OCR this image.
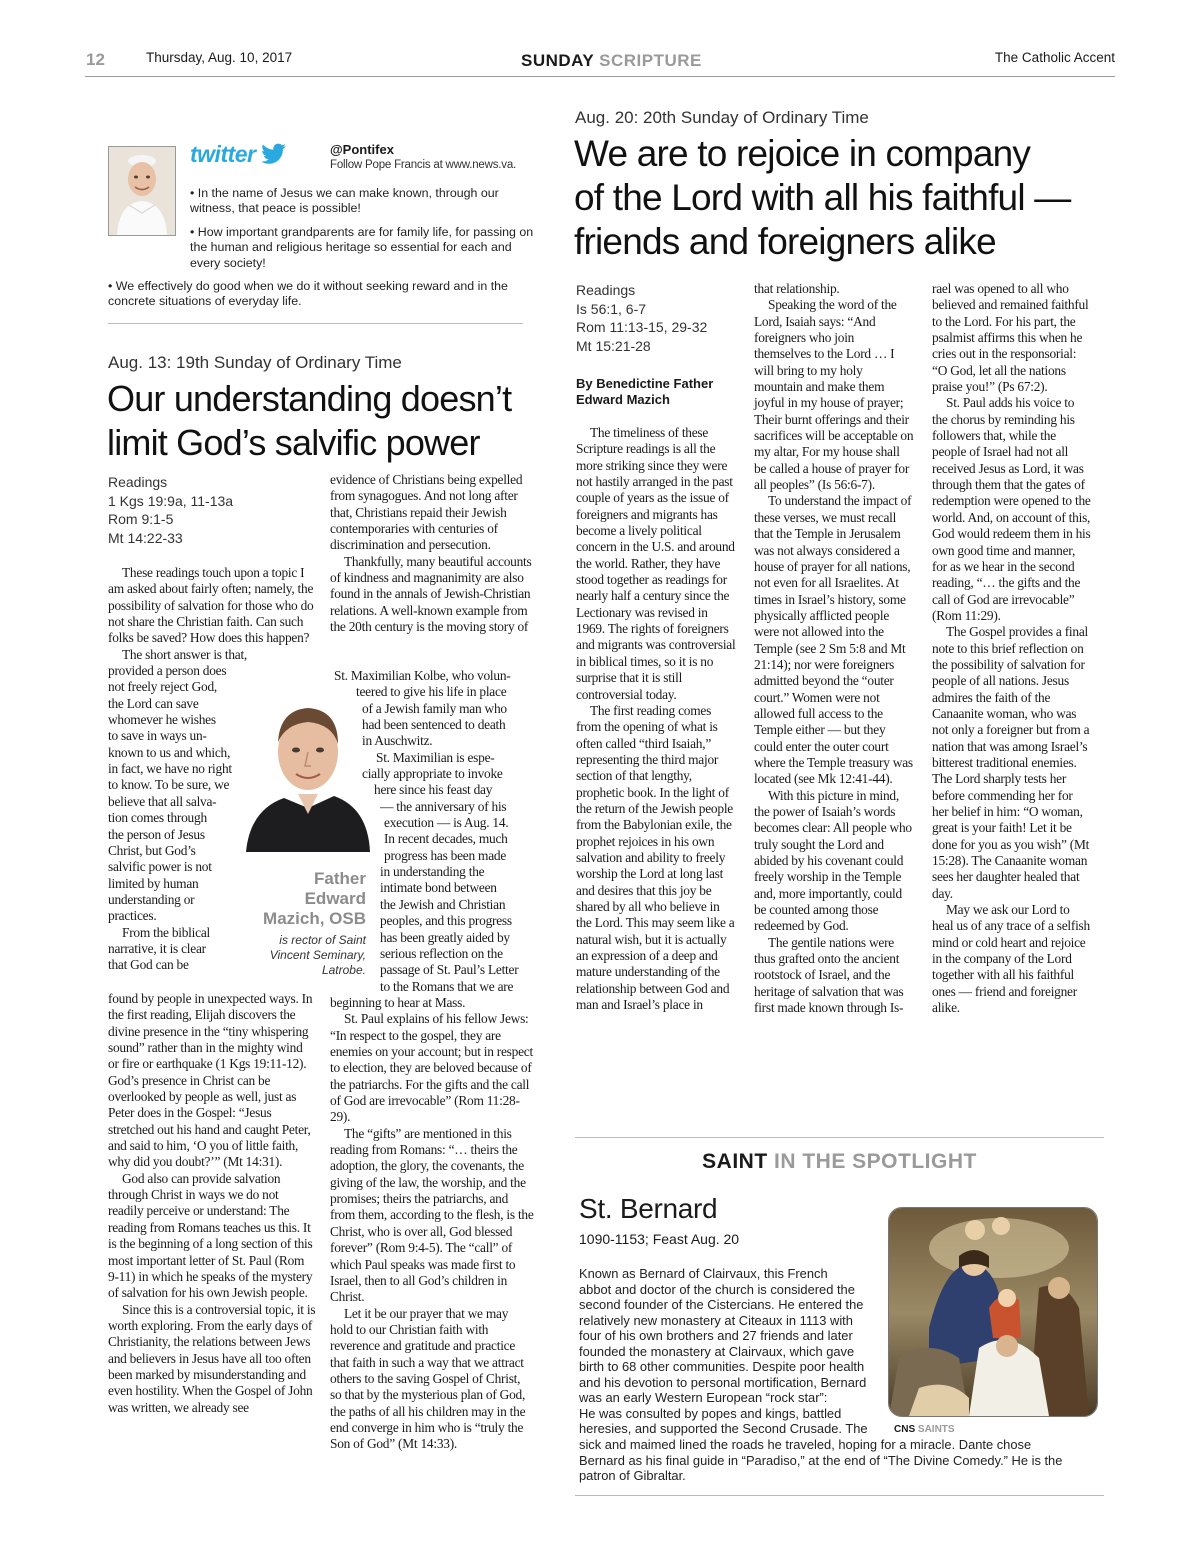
12	Thursday, Aug. 10, 2017	SUNDAY SCRIPTURE	The Catholic Accent
twitter	@Pontifex
Follow Pope Francis at www.news.va.
• In the name of Jesus we can make known, through our witness, that peace is possible!
• How important grandparents are for family life, for passing on the human and religious heritage so essential for each and every society!
• We effectively do good when we do it without seeking reward and in the concrete situations of everyday life.
Aug. 13: 19th Sunday of Ordinary Time
Our understanding doesn’t
limit God’s salvific power
Readings
1 Kgs 19:9a, 11-13a
Rom 9:1-5
Mt 14:22-33

These readings touch upon a topic I am asked about fairly often; namely, the possibility of salvation for those who do not share the Christian faith. Can such folks be saved? How does this happen?

The short answer is that,

provided a person does

not freely reject God,

the Lord can save

whomever he wishes

to save in ways un-

known to us and which,

in fact, we have no right

to know. To be sure, we

believe that all salva-

tion comes through

the person of Jesus

Christ, but God’s

salvific power is not

limited by human

understanding or

practices.

From the biblical

narrative, it is clear

that God can be

found by people in unexpected ways. In the first reading, Elijah discovers the divine presence in the “tiny whispering sound” rather than in the mighty wind or fire or earthquake (1 Kgs 19:11-12). God’s presence in Christ can be overlooked by people as well, just as Peter does in the Gospel: “Jesus stretched out his hand and caught Peter, and said to him, ‘O you of little faith, why did you doubt?’” (Mt 14:31).

God also can provide salvation through Christ in ways we do not readily perceive or understand: The reading from Romans teaches us this. It is the beginning of a long section of this most important letter of St. Paul (Rom 9-11) in which he speaks of the mystery of salvation for his own Jewish people.

Since this is a controversial topic, it is worth exploring. From the early days of Christianity, the relations between Jews and believers in Jesus have all too often been marked by misunderstanding and even hostility. When the Gospel of John was written, we already see

Father
Edward
Mazich, OSB
is rector of Saint
Vincent Seminary,
Latrobe.

evidence of Christians being expelled from synagogues. And not long after that, Christians repaid their Jewish contemporaries with centuries of discrimination and persecution.

Thankfully, many beautiful accounts of kindness and magnanimity are also found in the annals of Jewish-Christian relations. A well-known example from the 20th century is the moving story of

St. Maximilian Kolbe, who volun-

teered to give his life in place

of a Jewish family man who

had been sentenced to death

in Auschwitz.

St. Maximilian is espe-

cially appropriate to invoke

here since his feast day

— the anniversary of his

execution — is Aug. 14.

In recent decades, much

progress has been made

in understanding the

intimate bond between

the Jewish and Christian

peoples, and this progress

has been greatly aided by

serious reflection on the

passage of St. Paul’s Letter

to the Romans that we are

beginning to hear at Mass.

St. Paul explains of his fellow Jews: “In respect to the gospel, they are enemies on your account; but in respect to election, they are beloved because of the patriarchs. For the gifts and the call of God are irrevocable” (Rom 11:28-29).

The “gifts” are mentioned in this reading from Romans: “… theirs the adoption, the glory, the covenants, the giving of the law, the worship, and the promises; theirs the patriarchs, and from them, according to the flesh, is the Christ, who is over all, God blessed forever” (Rom 9:4-5). The “call” of which Paul speaks was made first to Israel, then to all God’s children in Christ.

Let it be our prayer that we may hold to our Christian faith with reverence and gratitude and practice that faith in such a way that we attract others to the saving Gospel of Christ, so that by the mysterious plan of God, the paths of all his children may in the end converge in him who is “truly the Son of God” (Mt 14:33).

Aug. 20: 20th Sunday of Ordinary Time
We are to rejoice in company
of the Lord with all his faithful —
friends and foreigners alike
Readings
Is 56:1, 6-7
Rom 11:13-15, 29-32
Mt 15:21-28
By Benedictine Father
Edward Mazich

The timeliness of these Scripture readings is all the more striking since they were not hastily arranged in the past couple of years as the issue of foreigners and migrants has become a lively political concern in the U.S. and around the world. Rather, they have stood together as readings for nearly half a century since the Lectionary was revised in 1969. The rights of foreigners and migrants was controversial in biblical times, so it is no surprise that it is still controversial today.

The first reading comes from the opening of what is often called “third Isaiah,” representing the third major section of that lengthy, prophetic book. In the light of the return of the Jewish people from the Babylonian exile, the prophet rejoices in his own salvation and ability to freely worship the Lord at long last and desires that this joy be shared by all who believe in the Lord. This may seem like a natural wish, but it is actually an expression of a deep and mature understanding of the relationship between God and man and Israel’s place in

that relationship.

Speaking the word of the Lord, Isaiah says: “And foreigners who join themselves to the Lord … I will bring to my holy mountain and make them joyful in my house of prayer; Their burnt offerings and their sacrifices will be acceptable on my altar, For my house shall be called a house of prayer for all peoples” (Is 56:6-7).

To understand the impact of these verses, we must recall that the Temple in Jerusalem was not always considered a house of prayer for all nations, not even for all Israelites. At times in Israel’s history, some physically afflicted people were not allowed into the Temple (see 2 Sm 5:8 and Mt 21:14); nor were foreigners admitted beyond the “outer court.” Women were not allowed full access to the Temple either — but they could enter the outer court where the Temple treasury was located (see Mk 12:41-44).

With this picture in mind, the power of Isaiah’s words becomes clear: All people who truly sought the Lord and abided by his covenant could freely worship in the Temple and, more importantly, could be counted among those redeemed by God.

The gentile nations were thus grafted onto the ancient rootstock of Israel, and the heritage of salvation that was first made known through Is-

rael was opened to all who believed and remained faithful to the Lord. For his part, the psalmist affirms this when he cries out in the responsorial: “O God, let all the nations praise you!” (Ps 67:2).

St. Paul adds his voice to the chorus by reminding his followers that, while the people of Israel had not all received Jesus as Lord, it was through them that the gates of redemption were opened to the world. And, on account of this, God would redeem them in his own good time and manner, for as we hear in the second reading, “… the gifts and the call of God are irrevocable” (Rom 11:29).

The Gospel provides a final note to this brief reflection on the possibility of salvation for people of all nations. Jesus admires the faith of the Canaanite woman, who was not only a foreigner but from a nation that was among Israel’s bitterest traditional enemies. The Lord sharply tests her before commending her for her belief in him: “O woman, great is your faith! Let it be done for you as you wish” (Mt 15:28). The Canaanite woman sees her daughter healed that day.

May we ask our Lord to heal us of any trace of a selfish mind or cold heart and rejoice in the company of the Lord together with all his faithful ones — friend and foreigner alike.

SAINT IN THE SPOTLIGHT
St. Bernard
1090-1153; Feast Aug. 20
Known as Bernard of Clairvaux, this French
abbot and doctor of the church is considered the
second founder of the Cistercians. He entered the
relatively new monastery at Citeaux in 1113 with
four of his own brothers and 27 friends and later
founded the monastery at Clairvaux, which gave
birth to 68 other communities. Despite poor health
and his devotion to personal mortification, Bernard
was an early Western European “rock star”:
He was consulted by popes and kings, battled
heresies, and supported the Second Crusade. The
sick and maimed lined the roads he traveled, hoping for a miracle. Dante chose Bernard as his final guide in “Paradiso,” at the end of “The Divine Comedy.” He is the patron of Gibraltar.
CNS SAINTS
